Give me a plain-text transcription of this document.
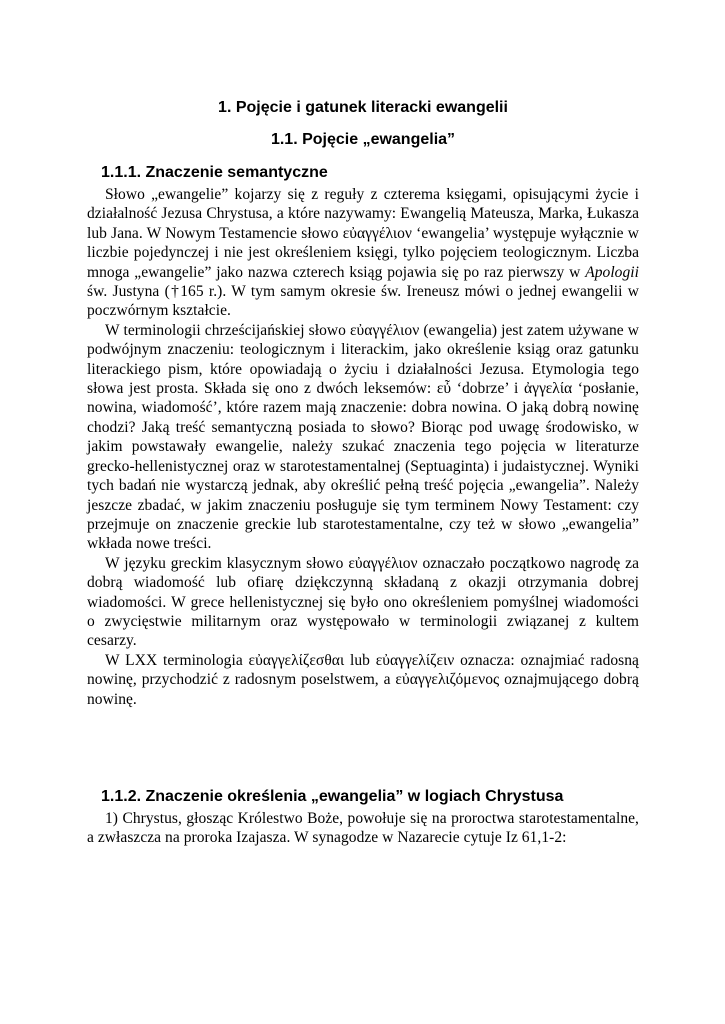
1. Pojęcie i gatunek literacki ewangelii
1.1. Pojęcie „ewangelia”
1.1.1. Znaczenie semantyczne

Słowo „ewangelie” kojarzy się z reguły z czterema księgami, opisującymi życie i działalność Jezusa Chrystusa, a które nazywamy: Ewangelią Mateusza, Marka, Łukasza lub Jana. W Nowym Testamencie słowo εὐαγγέλιον ‘ewangelia’ występuje wyłącznie w liczbie pojedynczej i nie jest określeniem księgi, tylko pojęciem teologicznym. Liczba mnoga „ewangelie” jako nazwa czterech ksiąg pojawia się po raz pierwszy w Apologii św. Justyna (†165 r.). W tym samym okresie św. Ireneusz mówi o jednej ewangelii w poczwórnym kształcie.

W terminologii chrześcijańskiej słowo εὐαγγέλιον (ewangelia) jest zatem używane w podwójnym znaczeniu: teologicznym i literackim, jako określenie ksiąg oraz gatunku literackiego pism, które opowiadają o życiu i działalności Jezusa. Etymologia tego słowa jest prosta. Składa się ono z dwóch leksemów: εὖ ‘dobrze’ i ἀγγελία ‘posłanie, nowina, wiadomość’, które razem mają znaczenie: dobra nowina. O jaką dobrą nowinę chodzi? Jaką treść semantyczną posiada to słowo? Biorąc pod uwagę środowisko, w jakim powstawały ewangelie, należy szukać znaczenia tego pojęcia w literaturze grecko-hellenistycznej oraz w starotestamentalnej (Septuaginta) i judaistycznej. Wyniki tych badań nie wystarczą jednak, aby określić pełną treść pojęcia „ewangelia”. Należy jeszcze zbadać, w jakim znaczeniu posługuje się tym terminem Nowy Testament: czy przejmuje on znaczenie greckie lub starotestamentalne, czy też w słowo „ewangelia” wkłada nowe treści.

W języku greckim klasycznym słowo εὐαγγέλιον oznaczało początkowo nagrodę za dobrą wiadomość lub ofiarę dziękczynną składaną z okazji otrzymania dobrej wiadomości. W grece hellenistycznej się było ono określeniem pomyślnej wiadomości o zwycięstwie militarnym oraz występowało w terminologii związanej z kultem cesarzy.

W LXX terminologia εὐαγγελίζεσθαι lub εὐαγγελίζειν oznacza: oznajmiać radosną nowinę, przychodzić z radosnym poselstwem, a εὐαγγελιζόμενος oznajmującego dobrą nowinę.

1.1.2. Znaczenie określenia „ewangelia” w logiach Chrystusa

1) Chrystus, głosząc Królestwo Boże, powołuje się na proroctwa starotestamentalne, a zwłaszcza na proroka Izajasza. W synagodze w Nazarecie cytuje Iz 61,1-2:
